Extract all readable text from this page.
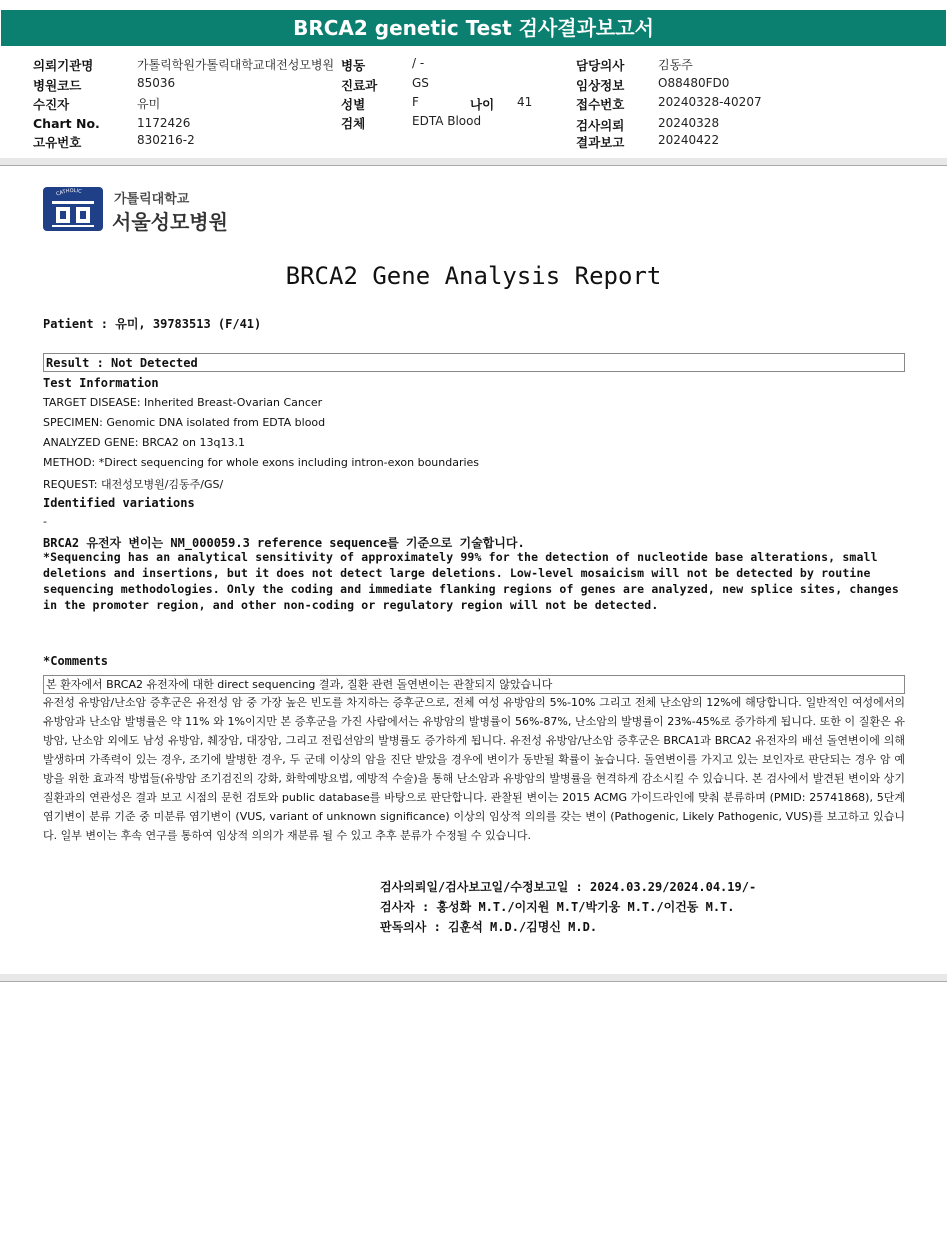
BRCA2 genetic Test 검사결과보고서
의뢰기관명	가톨릭학원가톨릭대학교대전성모병원
병원코드	85036
수진자	유미
Chart No.	1172426
고유번호	830216-2
병동	/ -
진료과	GS
성별	F	나이 41
검체	EDTA Blood
담당의사	김동주
임상정보	O88480FD0
접수번호	20240328-40207
검사의뢰	20240328
결과보고	20240422
CATHOLIC
가톨릭대학교
서울성모병원
BRCA2 Gene Analysis Report
Patient : 유미, 39783513 (F/41)
Result : Not Detected
Test Information
TARGET DISEASE: Inherited Breast-Ovarian Cancer
SPECIMEN: Genomic DNA isolated from EDTA blood
ANALYZED GENE: BRCA2 on 13q13.1
METHOD: *Direct sequencing for whole exons including intron-exon boundaries
REQUEST: 대전성모병원/김동주/GS/
Identified variations
-
BRCA2 유전자 변이는 NM_000059.3 reference sequence를 기준으로 기술합니다.
*Sequencing has an analytical sensitivity of approximately 99% for the detection of nucleotide base alterations, small deletions and insertions, but it does not detect large deletions. Low-level mosaicism will not be detected by routine sequencing methodologies. Only the coding and immediate flanking regions of genes are analyzed, new splice sites, changes in the promoter region, and other non-coding or regulatory region will not be detected.
*Comments
본 환자에서 BRCA2 유전자에 대한 direct sequencing 결과, 질환 관련 돌연변이는 관찰되지 않았습니다
유전성 유방암/난소암 증후군은 유전성 암 중 가장 높은 빈도를 차지하는 증후군으로, 전체 여성 유방암의 5%-10% 그리고 전체 난소암의 12%에 해당합니다. 일반적인 여성에서의 유방암과 난소암 발병률은 약 11% 와 1%이지만 본 증후군을 가진 사람에서는 유방암의 발병률이 56%-87%, 난소암의 발병률이 23%-45%로 증가하게 됩니다. 또한 이 질환은 유방암, 난소암 외에도 남성 유방암, 췌장암, 대장암, 그리고 전립선암의 발병률도 증가하게 됩니다. 유전성 유방암/난소암 증후군은 BRCA1과 BRCA2 유전자의 배선 돌연변이에 의해 발생하며 가족력이 있는 경우, 조기에 발병한 경우, 두 군데 이상의 암을 진단 받았을 경우에 변이가 동반될 확률이 높습니다. 돌연변이를 가지고 있는 보인자로 판단되는 경우 암 예방을 위한 효과적 방법들(유방암 조기검진의 강화, 화학예방요법, 예방적 수술)을 통해 난소암과 유방암의 발병률을 현격하게 감소시킬 수 있습니다. 본 검사에서 발견된 변이와 상기 질환과의 연관성은 결과 보고 시점의 문헌 검토와 public database를 바탕으로 판단합니다. 관찰된 변이는 2015 ACMG 가이드라인에 맞춰 분류하며 (PMID: 25741868), 5단계 염기변이 분류 기준 중 미분류 염기변이 (VUS, variant of unknown significance) 이상의 임상적 의의를 갖는 변이 (Pathogenic, Likely Pathogenic, VUS)를 보고하고 있습니다. 일부 변이는 후속 연구를 통하여 임상적 의의가 재분류 될 수 있고 추후 분류가 수정될 수 있습니다.
검사의뢰일/검사보고일/수정보고일 : 2024.03.29/2024.04.19/-
검사자 : 홍성화 M.T./이지원 M.T/박기웅 M.T./이건동 M.T.
판독의사 : 김훈석 M.D./김명신 M.D.
